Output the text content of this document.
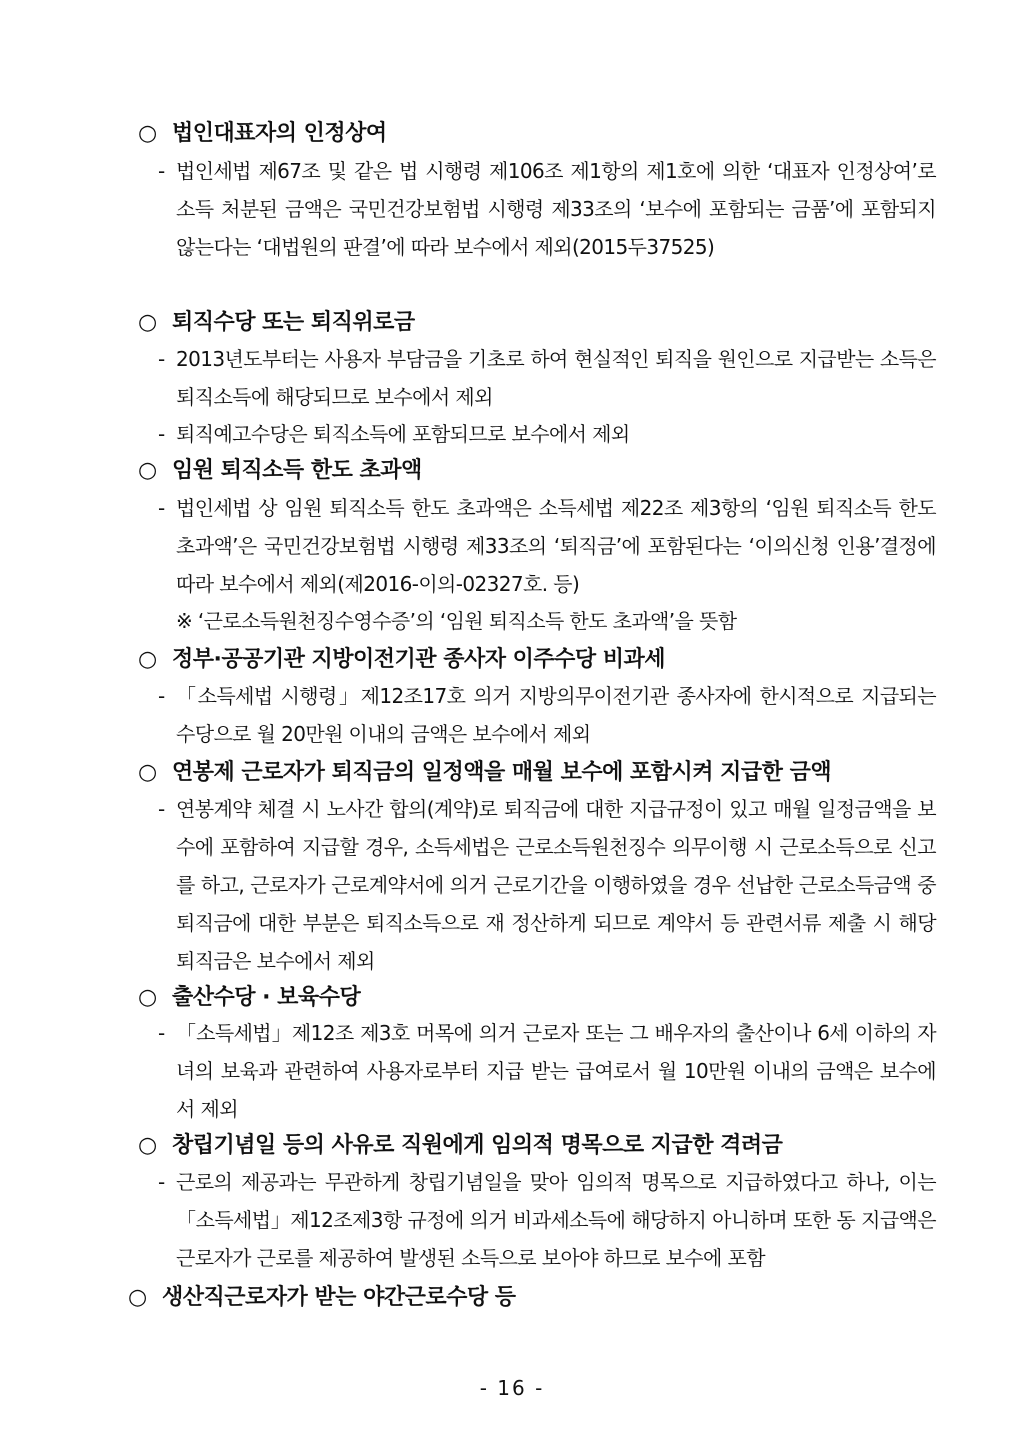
○ 법인대표자의 인정상여
- 법인세법 제67조 및 같은 법 시행령 제106조 제1항의 제1호에 의한 ‘대표자 인정상여’로 소득 처분된 금액은 국민건강보험법 시행령 제33조의 ‘보수에 포함되는 금품’에 포함되지 않는다는 ‘대법원의 판결’에 따라 보수에서 제외(2015두37525)
○ 퇴직수당 또는 퇴직위로금
- 2013년도부터는 사용자 부담금을 기초로 하여 현실적인 퇴직을 원인으로 지급받는 소득은 퇴직소득에 해당되므로 보수에서 제외
- 퇴직예고수당은 퇴직소득에 포함되므로 보수에서 제외
○ 임원 퇴직소득 한도 초과액
- 법인세법 상 임원 퇴직소득 한도 초과액은 소득세법 제22조 제3항의 ‘임원 퇴직소득 한도 초과액’은 국민건강보험법 시행령 제33조의 ‘퇴직금’에 포함된다는 ‘이의신청 인용’결정에 따라 보수에서 제외(제2016-이의-02327호. 등)
※ ‘근로소득원천징수영수증’의 ‘임원 퇴직소득 한도 초과액’을 뜻함
○ 정부·공공기관 지방이전기관 종사자 이주수당 비과세
- 「소득세법 시행령」제12조17호 의거 지방의무이전기관 종사자에 한시적으로 지급되는 수당으로 월 20만원 이내의 금액은 보수에서 제외
○ 연봉제 근로자가 퇴직금의 일정액을 매월 보수에 포함시켜 지급한 금액
- 연봉계약 체결 시 노사간 합의(계약)로 퇴직금에 대한 지급규정이 있고 매월 일정금액을 보수에 포함하여 지급할 경우, 소득세법은 근로소득원천징수 의무이행 시 근로소득으로 신고를 하고, 근로자가 근로계약서에 의거 근로기간을 이행하였을 경우 선납한 근로소득금액 중 퇴직금에 대한 부분은 퇴직소득으로 재 정산하게 되므로 계약서 등 관련서류 제출 시 해당 퇴직금은 보수에서 제외
○ 출산수당 · 보육수당
- 「소득세법」제12조 제3호 머목에 의거 근로자 또는 그 배우자의 출산이나 6세 이하의 자녀의 보육과 관련하여 사용자로부터 지급 받는 급여로서 월 10만원 이내의 금액은 보수에서 제외
○ 창립기념일 등의 사유로 직원에게 임의적 명목으로 지급한 격려금
- 근로의 제공과는 무관하게 창립기념일을 맞아 임의적 명목으로 지급하였다고 하나, 이는 「소득세법」제12조제3항 규정에 의거 비과세소득에 해당하지 아니하며 또한 동 지급액은 근로자가 근로를 제공하여 발생된 소득으로 보아야 하므로 보수에 포함
○ 생산직근로자가 받는 야간근로수당 등
- 16 -
